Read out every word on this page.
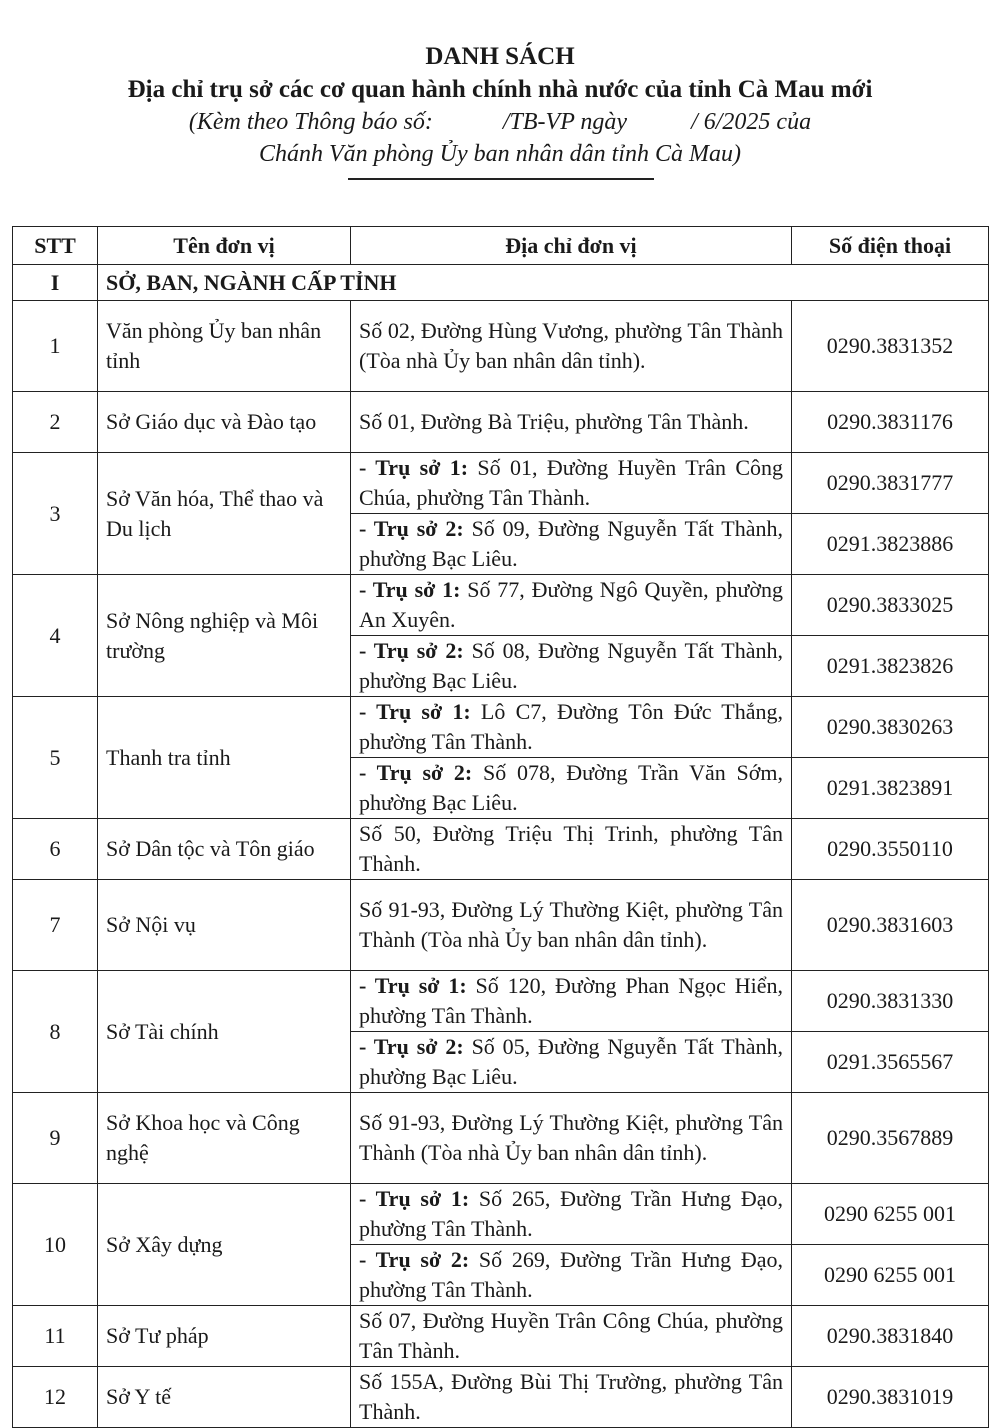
DANH SÁCH
Địa chỉ trụ sở các cơ quan hành chính nhà nước của tỉnh Cà Mau mới
(Kèm theo Thông báo số:	/TB-VP ngày	/ 6/2025 của
Chánh Văn phòng Ủy ban nhân dân tỉnh Cà Mau)
STT	Tên đơn vị	Địa chỉ đơn vị	Số điện thoại
I	SỞ, BAN, NGÀNH CẤP TỈNH		
1	Văn phòng Ủy ban nhân tỉnh	Số 02, Đường Hùng Vương, phường Tân Thành (Tòa nhà Ủy ban nhân dân tỉnh).	0290.3831352
2	Sở Giáo dục và Đào tạo	Số 01, Đường Bà Triệu, phường Tân Thành.	0290.3831176
3	Sở Văn hóa, Thể thao và Du lịch	- Trụ sở 1: Số 01, Đường Huyền Trân Công Chúa, phường Tân Thành.	0290.3831777
		- Trụ sở 2: Số 09, Đường Nguyễn Tất Thành, phường Bạc Liêu.	0291.3823886
4	Sở Nông nghiệp và Môi trường	- Trụ sở 1: Số 77, Đường Ngô Quyền, phường An Xuyên.	0290.3833025
		- Trụ sở 2: Số 08, Đường Nguyễn Tất Thành, phường Bạc Liêu.	0291.3823826
5	Thanh tra tỉnh	- Trụ sở 1: Lô C7, Đường Tôn Đức Thắng, phường Tân Thành.	0290.3830263
		- Trụ sở 2: Số 078, Đường Trần Văn Sớm, phường Bạc Liêu.	0291.3823891
6	Sở Dân tộc và Tôn giáo	Số 50, Đường Triệu Thị Trinh, phường Tân Thành.	0290.3550110
7	Sở Nội vụ	Số 91-93, Đường Lý Thường Kiệt, phường Tân Thành (Tòa nhà Ủy ban nhân dân tỉnh).	0290.3831603
8	Sở Tài chính	- Trụ sở 1: Số 120, Đường Phan Ngọc Hiển, phường Tân Thành.	0290.3831330
		- Trụ sở 2: Số 05, Đường Nguyễn Tất Thành, phường Bạc Liêu.	0291.3565567
9	Sở Khoa học và Công nghệ	Số 91-93, Đường Lý Thường Kiệt, phường Tân Thành (Tòa nhà Ủy ban nhân dân tỉnh).	0290.3567889
10	Sở Xây dựng	- Trụ sở 1: Số 265, Đường Trần Hưng Đạo, phường Tân Thành.	0290 6255 001
		- Trụ sở 2: Số 269, Đường Trần Hưng Đạo, phường Tân Thành.	0290 6255 001
11	Sở Tư pháp	Số 07, Đường Huyền Trân Công Chúa, phường Tân Thành.	0290.3831840
12	Sở Y tế	Số 155A, Đường Bùi Thị Trường, phường Tân Thành.	0290.3831019
